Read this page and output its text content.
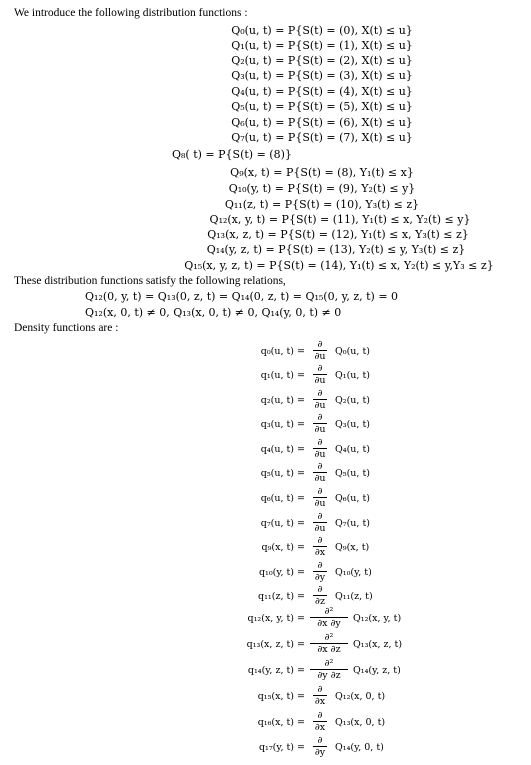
We introduce the following distribution functions :
Q₀(u, t) = P{S(t) = (0), X(t) ≤ u}
Q₁(u, t) = P{S(t) = (1), X(t) ≤ u}
Q₂(u, t) = P{S(t) = (2), X(t) ≤ u}
Q₃(u, t) = P{S(t) = (3), X(t) ≤ u}
Q₄(u, t) = P{S(t) = (4), X(t) ≤ u}
Q₅(u, t) = P{S(t) = (5), X(t) ≤ u}
Q₆(u, t) = P{S(t) = (6), X(t) ≤ u}
Q₇(u, t) = P{S(t) = (7), X(t) ≤ u}
Q₈( t) = P{S(t) = (8)}
Q₉(x, t) = P{S(t) = (8), Y₁(t) ≤ x}
Q₁₀(y, t) = P{S(t) = (9), Y₂(t) ≤ y}
Q₁₁(z, t) = P{S(t) = (10), Y₃(t) ≤ z}
Q₁₂(x, y, t) = P{S(t) = (11), Y₁(t) ≤ x, Y₂(t) ≤ y}
Q₁₃(x, z, t) = P{S(t) = (12), Y₁(t) ≤ x, Y₃(t) ≤ z}
Q₁₄(y, z, t) = P{S(t) = (13), Y₂(t) ≤ y, Y₃(t) ≤ z}
Q₁₅(x, y, z, t) = P{S(t) = (14), Y₁(t) ≤ x, Y₂(t) ≤ y,Y₃ ≤ z}
These distribution functions satisfy the following relations,
Q₁₂(0, y, t) = Q₁₃(0, z, t) = Q₁₄(0, z, t) = Q₁₅(0, y, z, t) = 0
Q₁₂(x, 0, t) ≠ 0, Q₁₃(x, 0, t) ≠ 0, Q₁₄(y, 0, t) ≠ 0
Density functions are :
q₀(u, t) =
∂
∂u Q₀(u, t)
q₁(u, t) =
∂
∂u Q₁(u, t)
q₂(u, t) =
∂
∂u Q₂(u, t)
q₃(u, t) =
∂
∂u Q₃(u, t)
q₄(u, t) =
∂
∂u Q₄(u, t)
q₅(u, t) =
∂
∂u Q₅(u, t)
q₆(u, t) =
∂
∂u Q₆(u, t)
q₇(u, t) =
∂
∂u Q₇(u, t)
q₉(x, t) =
∂
∂x	Q₉(x, t)
q₁₀(y, t) =
∂
∂y	Q₁₀(y, t)
q₁₁(z, t) =
∂
∂z	Q₁₁(z, t)
q₁₂(x, y, t) =
∂²
∂x ∂y	Q₁₂(x, y, t)
q₁₃(x, z, t) =
∂²
∂x ∂z	Q₁₃(x, z, t)
q₁₄(y, z, t) =
∂²
∂y ∂z	Q₁₄(y, z, t)
q₁₅(x, t) =
∂
∂x	Q₁₂(x, 0, t)
q₁₆(x, t) =
∂
∂x	Q₁₃(x, 0, t)
q₁₇(y, t) =
∂
∂y	Q₁₄(y, 0, t)
